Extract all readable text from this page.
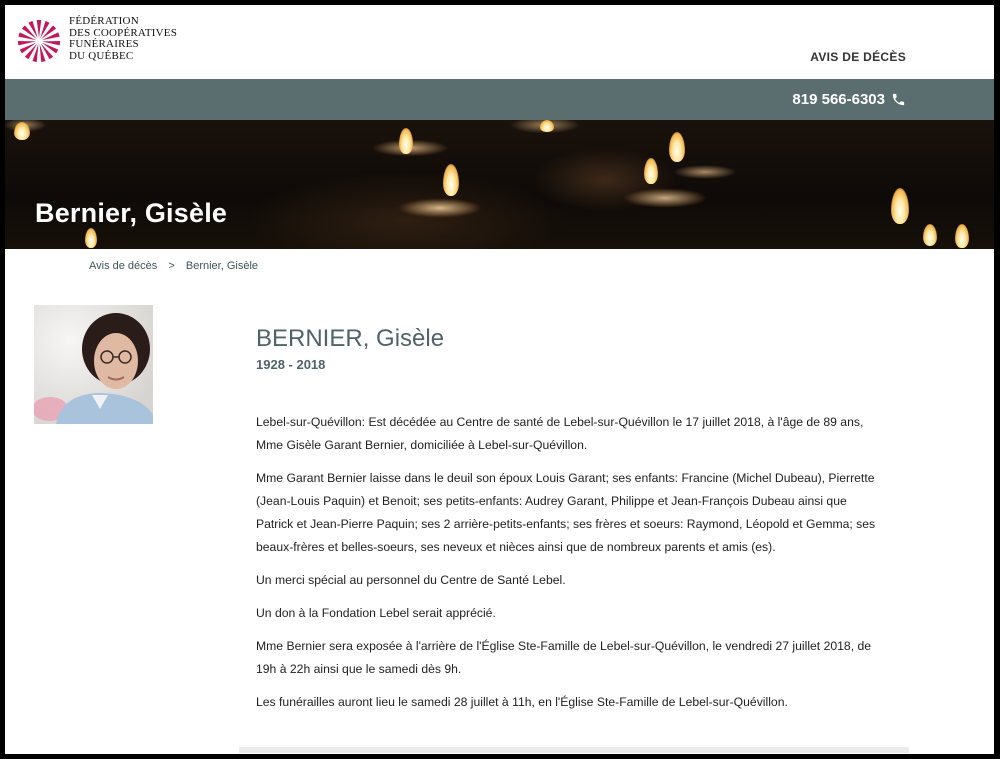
FÉDÉRATION
DES COOPÉRATIVES
FUNÉRAIRES
DU QUÉBEC	AVIS DE DÉCÈS
819 566-6303
Bernier, Gisèle
Avis de décès > Bernier, Gisèle
BERNIER, Gisèle
1928 - 2018

Lebel-sur-Quévillon: Est décédée au Centre de santé de Lebel-sur-Quévillon le 17 juillet 2018, à l'âge de 89 ans, Mme Gisèle Garant Bernier, domiciliée à Lebel-sur-Quévillon.

Mme Garant Bernier laisse dans le deuil son époux Louis Garant; ses enfants: Francine (Michel Dubeau), Pierrette (Jean-Louis Paquin) et Benoit; ses petits-enfants: Audrey Garant, Philippe et Jean-François Dubeau ainsi que Patrick et Jean-Pierre Paquin; ses 2 arrière-petits-enfants; ses frères et soeurs: Raymond, Léopold et Gemma; ses beaux-frères et belles-soeurs, ses neveux et nièces ainsi que de nombreux parents et amis (es).

Un merci spécial au personnel du Centre de Santé Lebel.

Un don à la Fondation Lebel serait apprécié.

Mme Bernier sera exposée à l'arrière de l'Église Ste-Famille de Lebel-sur-Quévillon, le vendredi 27 juillet 2018, de 19h à 22h ainsi que le samedi dès 9h.

Les funérailles auront lieu le samedi 28 juillet à 11h, en l'Église Ste-Famille de Lebel-sur-Quévillon.
